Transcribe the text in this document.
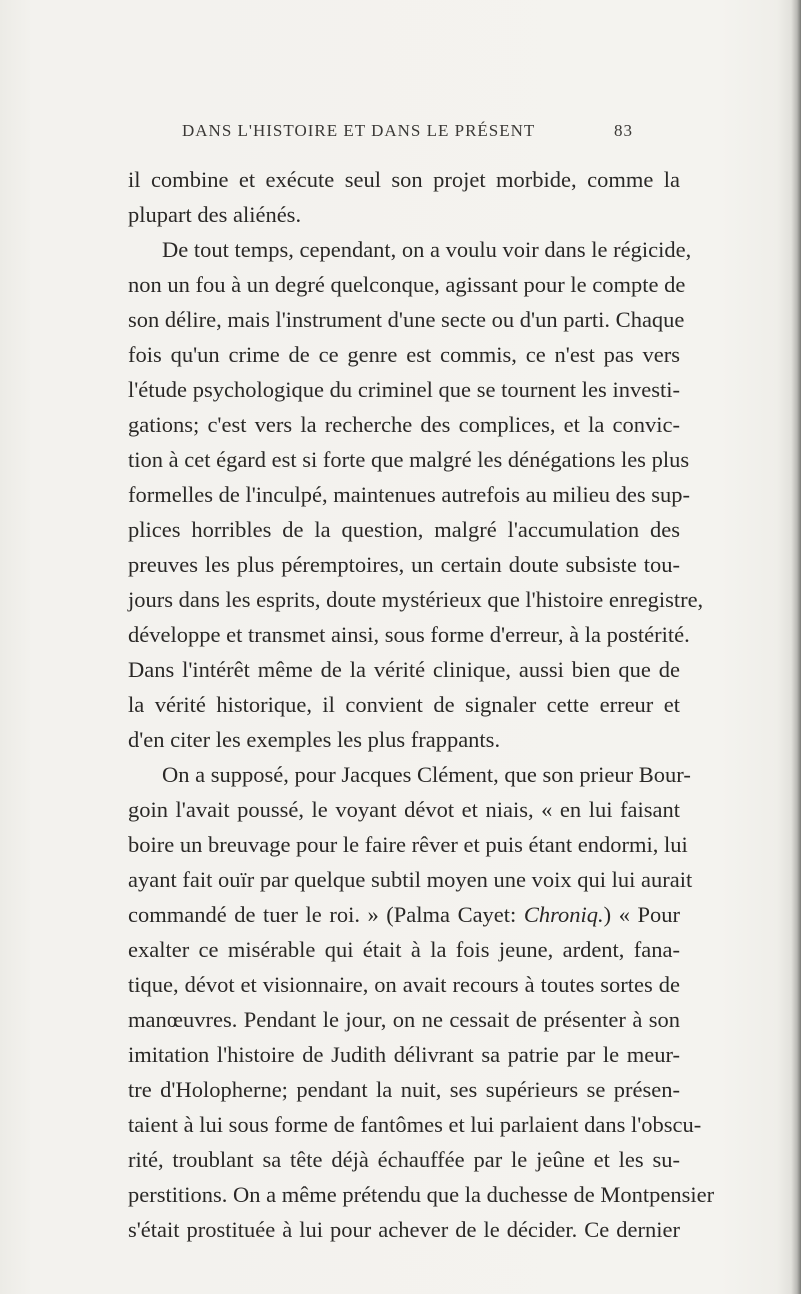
DANS L'HISTOIRE ET DANS LE PRÉSENT	83
il combine et exécute seul son projet morbide, comme la
plupart des aliénés.
De tout temps, cependant, on a voulu voir dans le régicide,
non un fou à un degré quelconque, agissant pour le compte de
son délire, mais l'instrument d'une secte ou d'un parti. Chaque
fois qu'un crime de ce genre est commis, ce n'est pas vers
l'étude psychologique du criminel que se tournent les investi-
gations; c'est vers la recherche des complices, et la convic-
tion à cet égard est si forte que malgré les dénégations les plus
formelles de l'inculpé, maintenues autrefois au milieu des sup-
plices horribles de la question, malgré l'accumulation des
preuves les plus péremptoires, un certain doute subsiste tou-
jours dans les esprits, doute mystérieux que l'histoire enregistre,
développe et transmet ainsi, sous forme d'erreur, à la postérité.
Dans l'intérêt même de la vérité clinique, aussi bien que de
la vérité historique, il convient de signaler cette erreur et
d'en citer les exemples les plus frappants.
On a supposé, pour Jacques Clément, que son prieur Bour-
goin l'avait poussé, le voyant dévot et niais, « en lui faisant
boire un breuvage pour le faire rêver et puis étant endormi, lui
ayant fait ouïr par quelque subtil moyen une voix qui lui aurait
commandé de tuer le roi. » (Palma Cayet: Chroniq.) « Pour
exalter ce misérable qui était à la fois jeune, ardent, fana-
tique, dévot et visionnaire, on avait recours à toutes sortes de
manœuvres. Pendant le jour, on ne cessait de présenter à son
imitation l'histoire de Judith délivrant sa patrie par le meur-
tre d'Holopherne; pendant la nuit, ses supérieurs se présen-
taient à lui sous forme de fantômes et lui parlaient dans l'obscu-
rité, troublant sa tête déjà échauffée par le jeûne et les su-
perstitions. On a même prétendu que la duchesse de Montpensier
s'était prostituée à lui pour achever de le décider. Ce dernier
